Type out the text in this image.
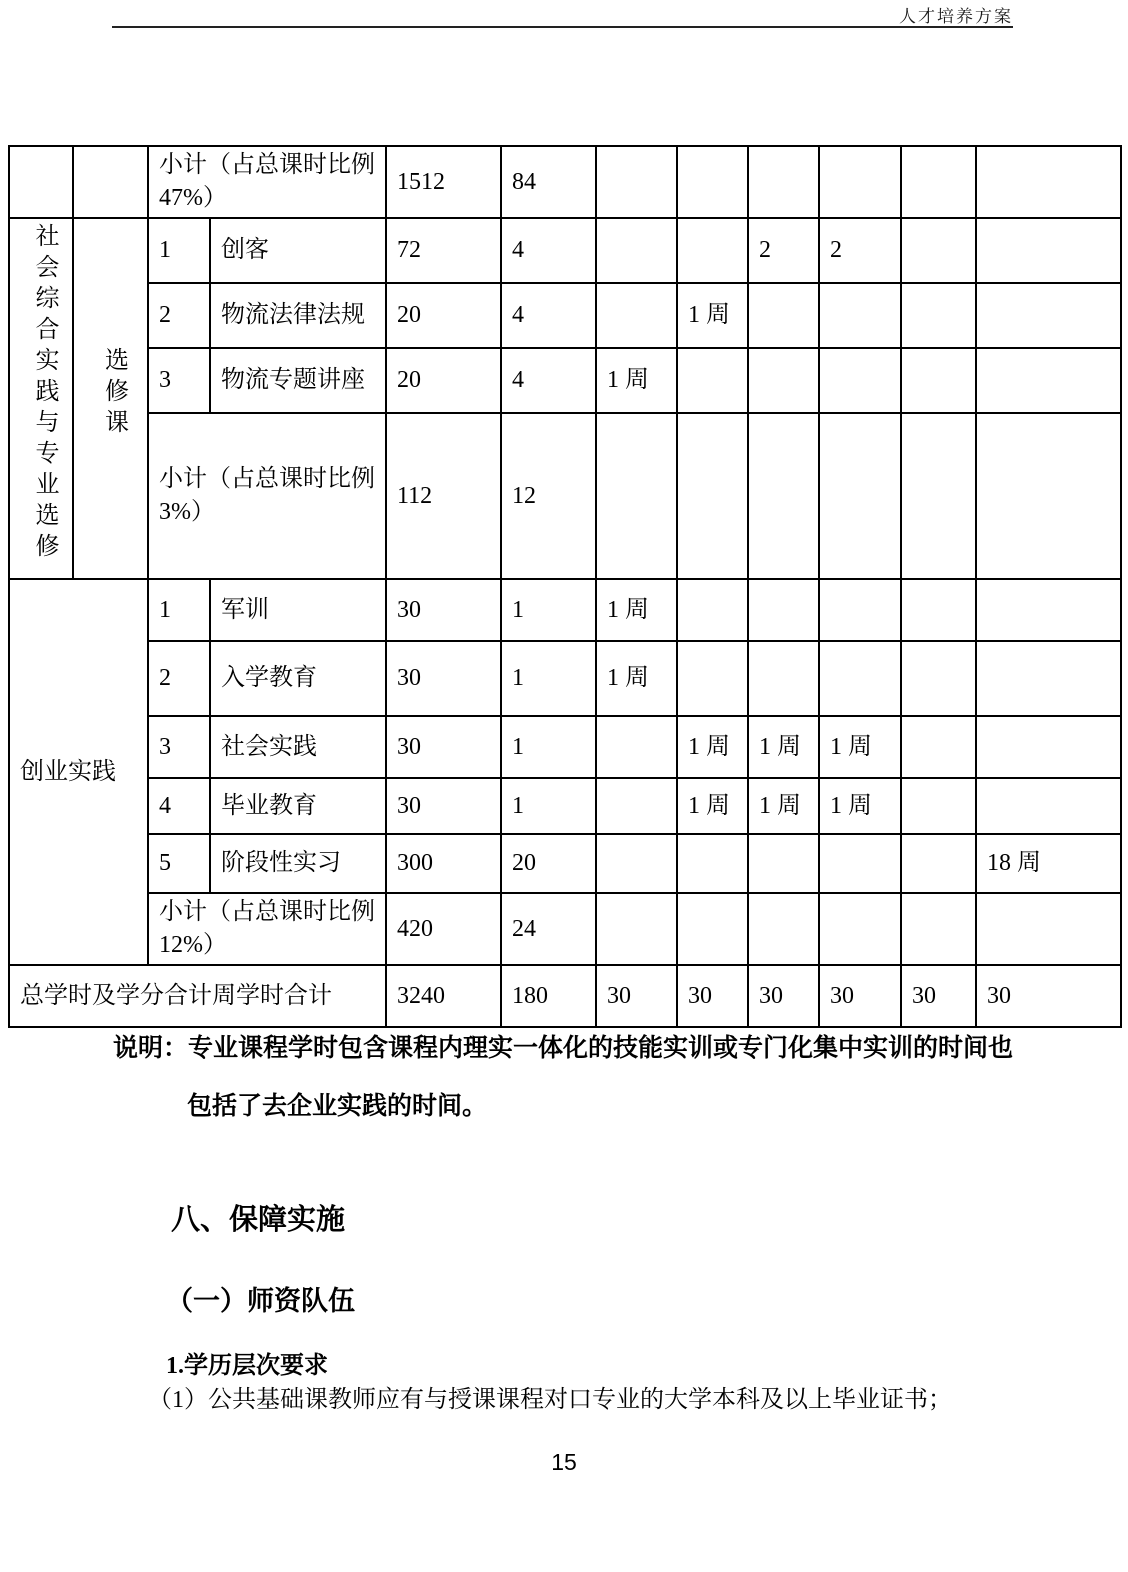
人才培养方案
		小计（占总课时比例 47%）		1512	84						
社会综合实践与专业选修	选修课	1	创客	72	4			2	2		
		2	物流法律法规	20	4		1 周				
		3	物流专题讲座	20	4	1 周					
		小计（占总课时比例 3%）		112	12						
创业实践		1	军训	30	1	1 周					
		2	入学教育	30	1	1 周					
		3	社会实践	30	1		1 周	1 周	1 周		
		4	毕业教育	30	1		1 周	1 周	1 周		
		5	阶段性实习	300	20						18 周
		小计（占总课时比例 12%）		420	24						
总学时及学分合计周学时合计				3240	180	30	30	30	30	30	30
说明：专业课程学时包含课程内理实一体化的技能实训或专门化集中实训的时间也
包括了去企业实践的时间。
八、保障实施
（一）师资队伍
1.学历层次要求
（1）公共基础课教师应有与授课课程对口专业的大学本科及以上毕业证书；
15
